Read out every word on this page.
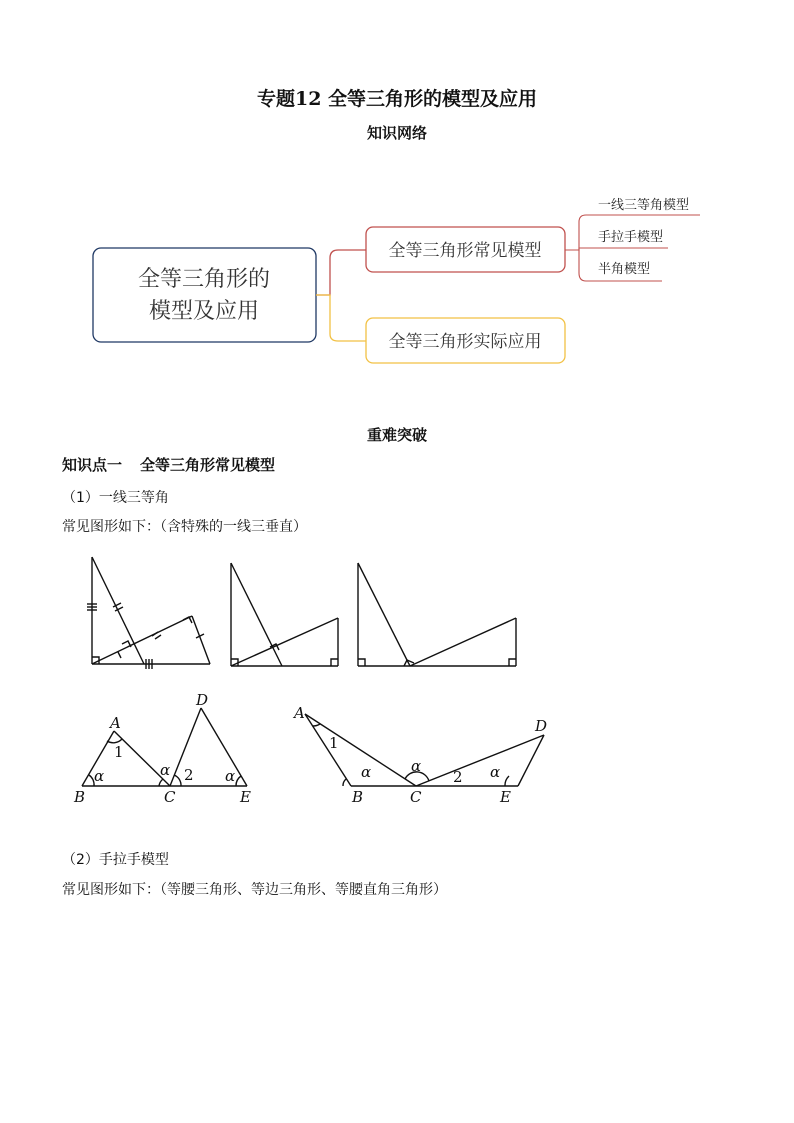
专题12 全等三角形的模型及应用
知识网络
全等三角形的
模型及应用
全等三角形常见模型
全等三角形实际应用
一线三等角模型
手拉手模型
半角模型
重难突破
知识点一 全等三角形常见模型
（1）一线三等角
常见图形如下：（含特殊的一线三垂直）
A
B	C
D
E
1
2
α	α	α
A
B	C
D
E
1
2
α	α	α
（2）手拉手模型
常见图形如下：（等腰三角形、等边三角形、等腰直角三角形）
